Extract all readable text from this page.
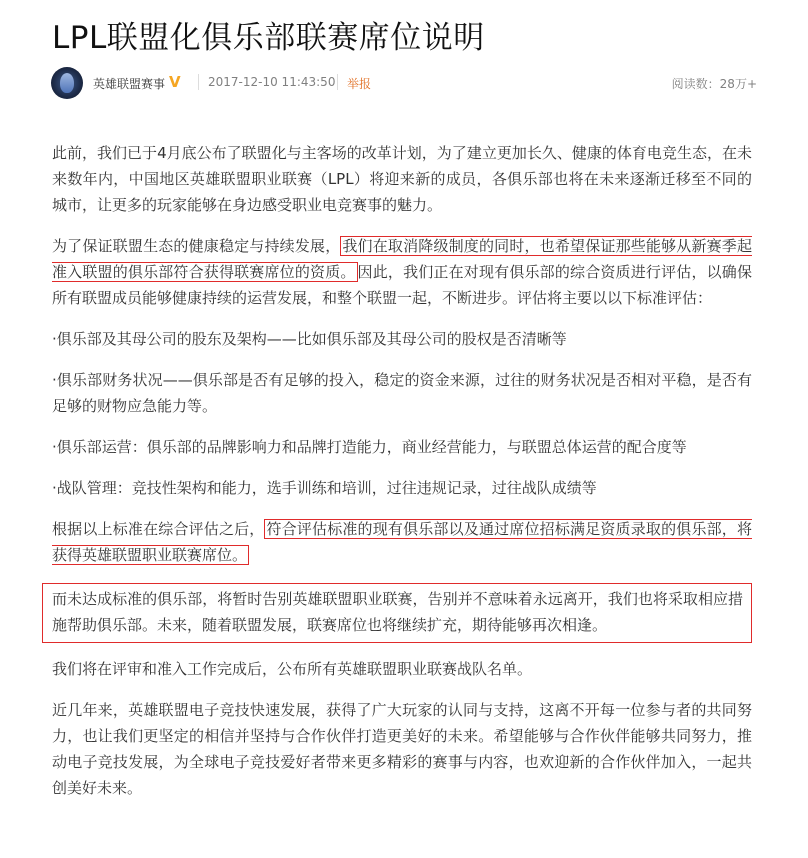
LPL联盟化俱乐部联赛席位说明
英雄联盟赛事 V 2017-12-10 11:43:50 举报	阅读数：28万+

此前，我们已于4月底公布了联盟化与主客场的改革计划，为了建立更加长久、健康的体育电竞生态，在未来数年内，中国地区英雄联盟职业联赛（LPL）将迎来新的成员，各俱乐部也将在未来逐渐迁移至不同的城市，让更多的玩家能够在身边感受职业电竞赛事的魅力。

为了保证联盟生态的健康稳定与持续发展， 我们在取消降级制度的同时，也希望保证那些能够从新赛季起准入联盟的俱乐部符合获得联赛席位的资质。 因此，我们正在对现有俱乐部的综合资质进行评估，以确保所有联盟成员能够健康持续的运营发展，和整个联盟一起，不断进步。评估将主要以以下标准评估：

·俱乐部及其母公司的股东及架构——比如俱乐部及其母公司的股权是否清晰等

·俱乐部财务状况——俱乐部是否有足够的投入，稳定的资金来源，过往的财务状况是否相对平稳，是否有足够的财物应急能力等。

·俱乐部运营：俱乐部的品牌影响力和品牌打造能力，商业经营能力，与联盟总体运营的配合度等

·战队管理：竞技性架构和能力，选手训练和培训，过往违规记录，过往战队成绩等

根据以上标准在综合评估之后， 符合评估标准的现有俱乐部以及通过席位招标满足资质录取的俱乐部，将获得英雄联盟职业联赛席位。

而未达成标准的俱乐部，将暂时告别英雄联盟职业联赛，告别并不意味着永远离开，我们也将采取相应措施帮助俱乐部。未来，随着联盟发展，联赛席位也将继续扩充，期待能够再次相逢。

我们将在评审和准入工作完成后，公布所有英雄联盟职业联赛战队名单。

近几年来，英雄联盟电子竞技快速发展，获得了广大玩家的认同与支持，这离不开每一位参与者的共同努力，也让我们更坚定的相信并坚持与合作伙伴打造更美好的未来。希望能够与合作伙伴能够共同努力，推动电子竞技发展，为全球电子竞技爱好者带来更多精彩的赛事与内容，也欢迎新的合作伙伴加入，一起共创美好未来。
